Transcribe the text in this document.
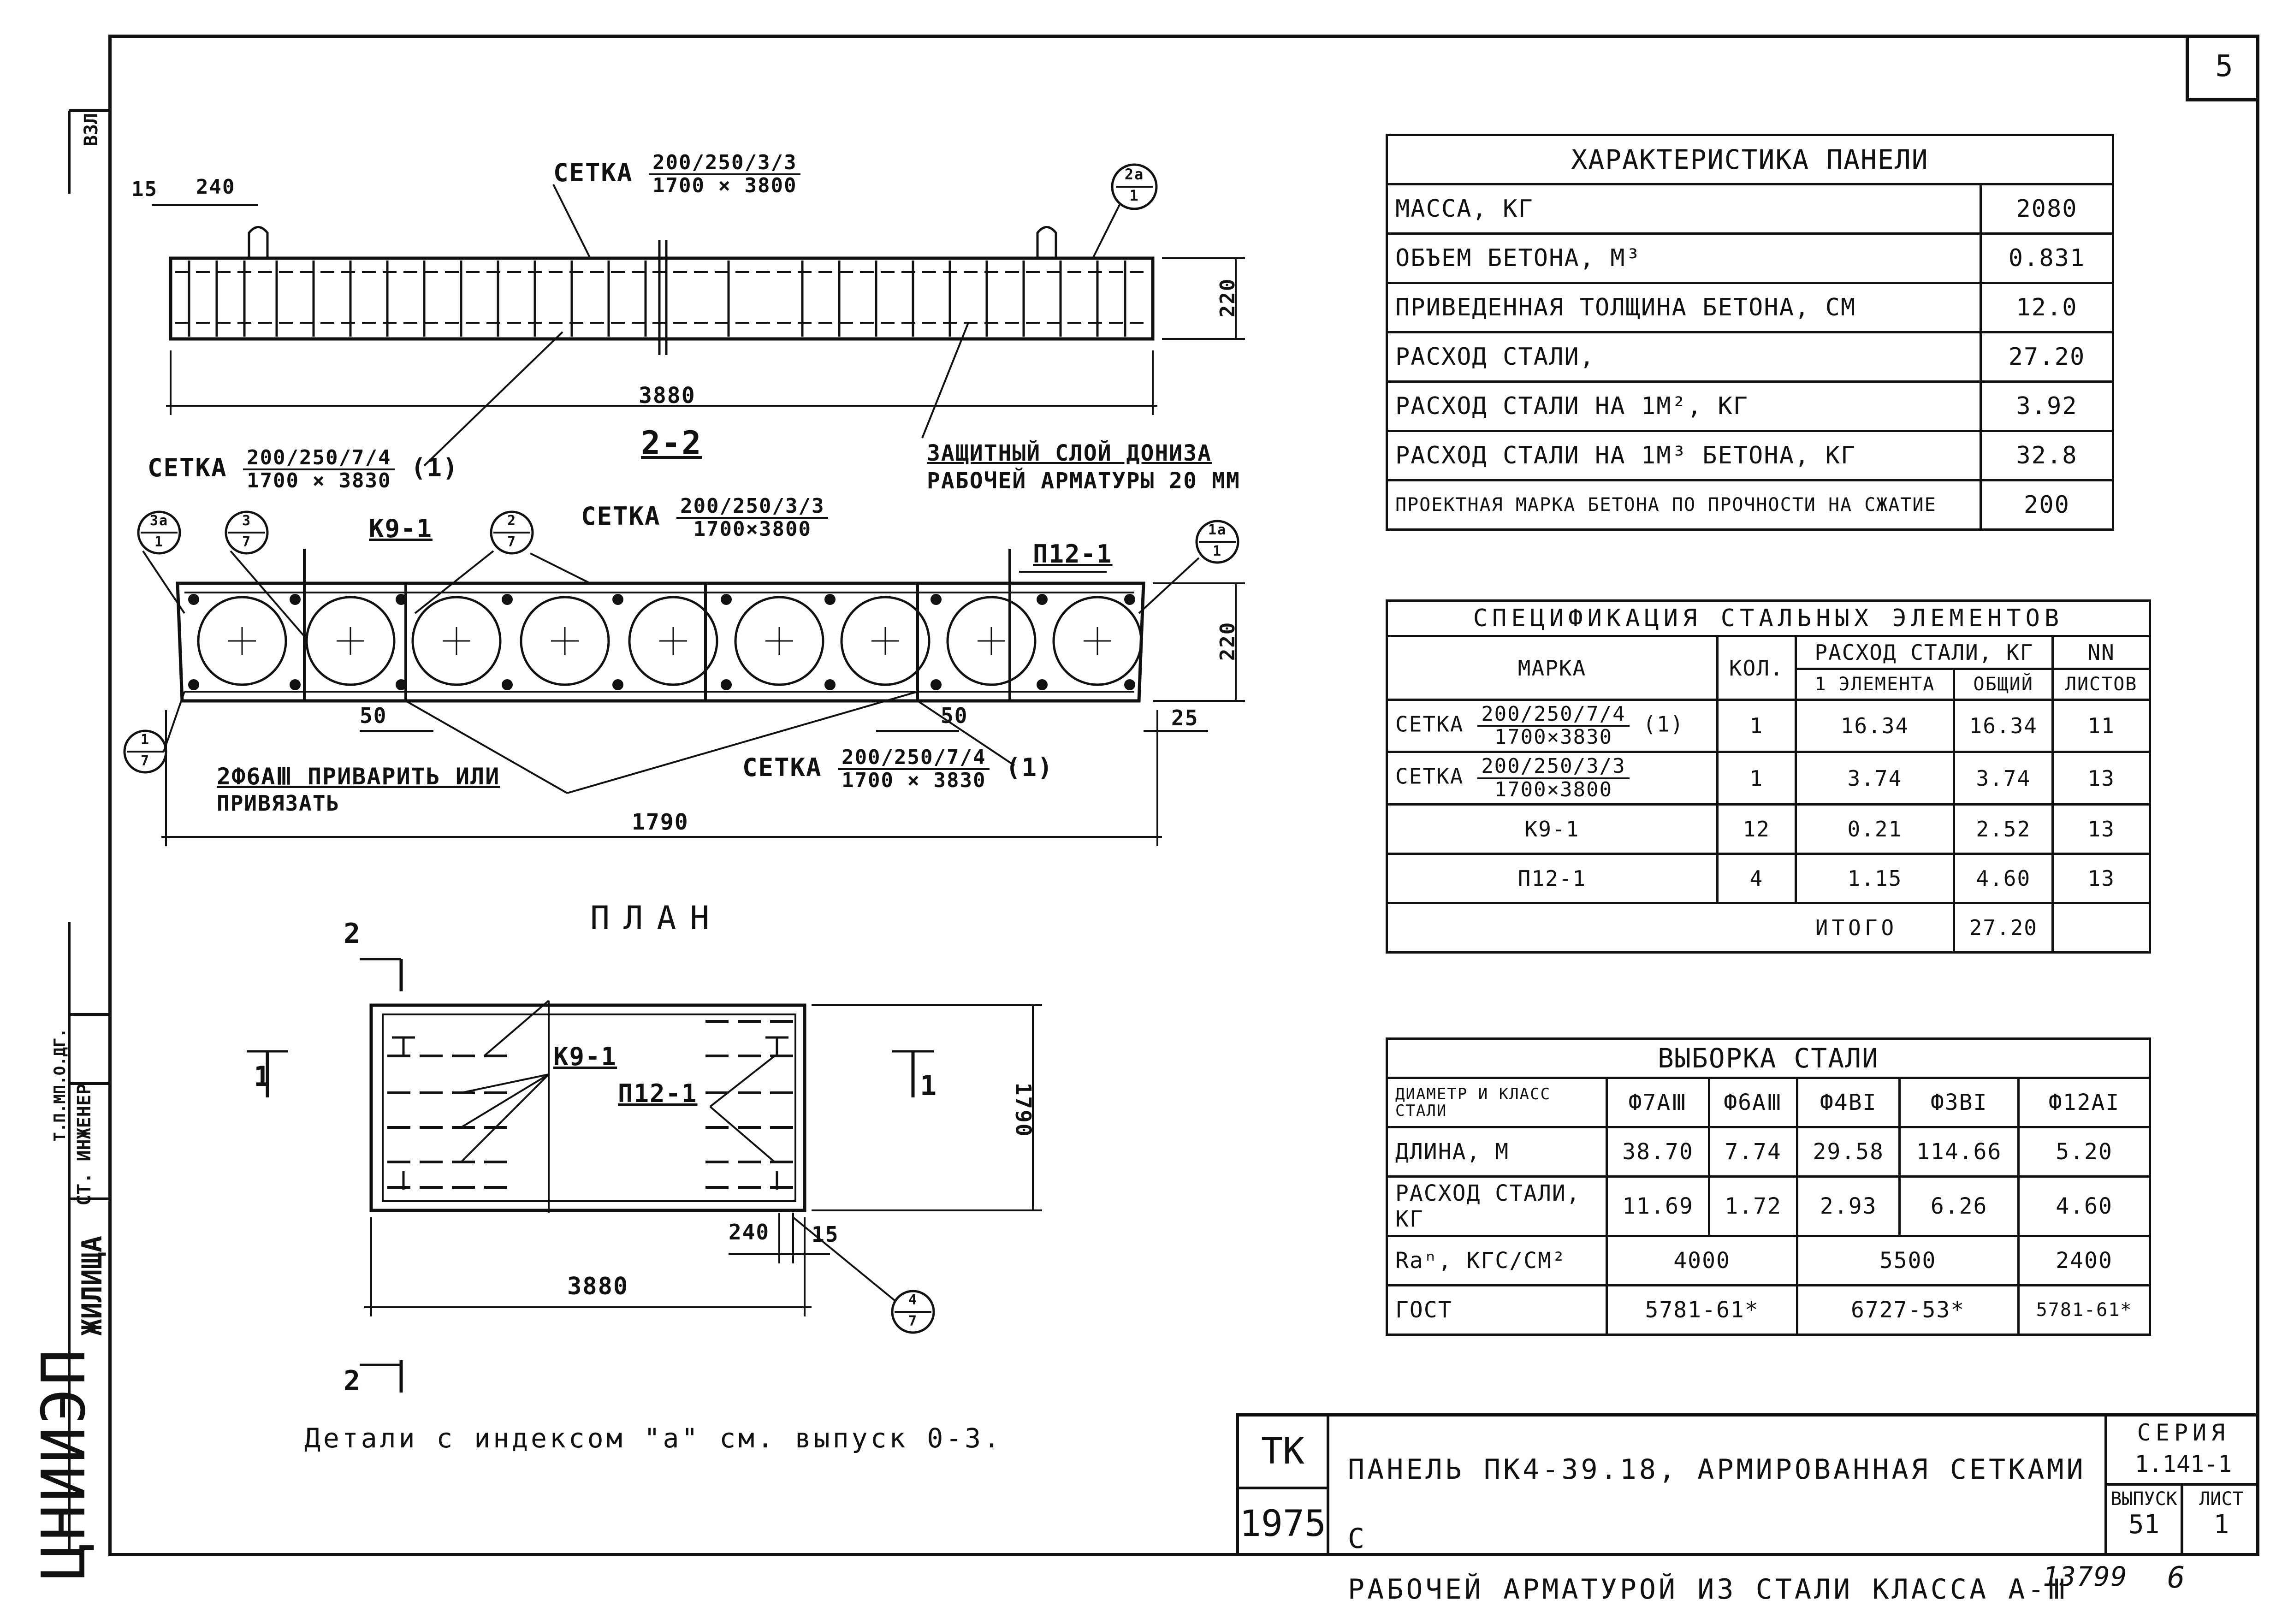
5
ЦНИИЭП
ЖИЛИЩА
СТ. ИНЖЕНЕР
Т.П.МП.О.ДГ.
ВЗЛ
СЕТКА $\frac{200/250/3/3}{1700 \times 3800}$
СЕТКА $\frac{200/250/7/4}{1700 \times 3830} (1)$
2-2	ЗАЩИТНЫЙ СЛОЙ ДОНИЗА
РАБОЧЕЙ АРМАТУРЫ 20 ММ
15 240
220
3880
2а
1
СЕТКА $\frac{200/250/3/3}{1700\times 3800}$
СЕТКА $\frac{200/250/7/4}{1700 \times 3830} (1)$
К9-1
П12-1
2Ф6АⅢ ПРИВАРИТЬ ИЛИ
ПРИВЯЗАТЬ
50	50	25
220
1790
3а
1
3
7
2
7
1а
1
1
7
ПЛАН
К9-1
П12-1
2
2
1	1	1790
240 15
3880	4
7
Детали с индексом "а" см. выпуск 0-3.
ХАРАКТЕРИСТИКА ПАНЕЛИ	
МАССА, КГ	2080
ОБЪЕМ БЕТОНА, М³	0.831
ПРИВЕДЕННАЯ ТОЛЩИНА БЕТОНА, СМ	12.0
РАСХОД СТАЛИ,	27.20
РАСХОД СТАЛИ НА 1М², КГ	3.92
РАСХОД СТАЛИ НА 1М³ БЕТОНА, КГ	32.8
ПРОЕКТНАЯ МАРКА БЕТОНА ПО ПРОЧНОСТИ НА СЖАТИЕ	200
СПЕЦИФИКАЦИЯ СТАЛЬНЫХ ЭЛЕМЕНТОВ				
МАРКА	КОЛ.	РАСХОД СТАЛИ, КГ		NN
		1 ЭЛЕМЕНТА	ОБЩИЙ	ЛИСТОВ
СЕТКА $\frac{200/250/7/4}{1700\times 3830} (1)$	1	16.34	16.34	11
СЕТКА $\frac{200/250/3/3}{1700\times 3800}$	1	3.74	3.74	13
К9-1	12	0.21	2.52	13
П12-1	4	1.15	4.60	13
ИТОГО			27.20	
ВЫБОРКА СТАЛИ					
ДИАМЕТР И КЛАСС СТАЛИ	Ф7АⅢ	Ф6АⅢ	Ф4ВI	Ф3ВI	Ф12АI
ДЛИНА, М	38.70	7.74	29.58	114.66	5.20
РАСХОД СТАЛИ, КГ	11.69	1.72	2.93	6.26	4.60
Rаⁿ, КГС/СМ²	4000		5500		2400
ГОСТ	5781-61*		6727-53*		5781-61*
ТК
1975
ПАНЕЛЬ ПК4-39.18, АРМИРОВАННАЯ СЕТКАМИ С
РАБОЧЕЙ АРМАТУРОЙ ИЗ СТАЛИ КЛАССА А-Ⅲ
СЕРИЯ
1.141-1
ВЫПУСК
51
ЛИСТ
1
13799 6
